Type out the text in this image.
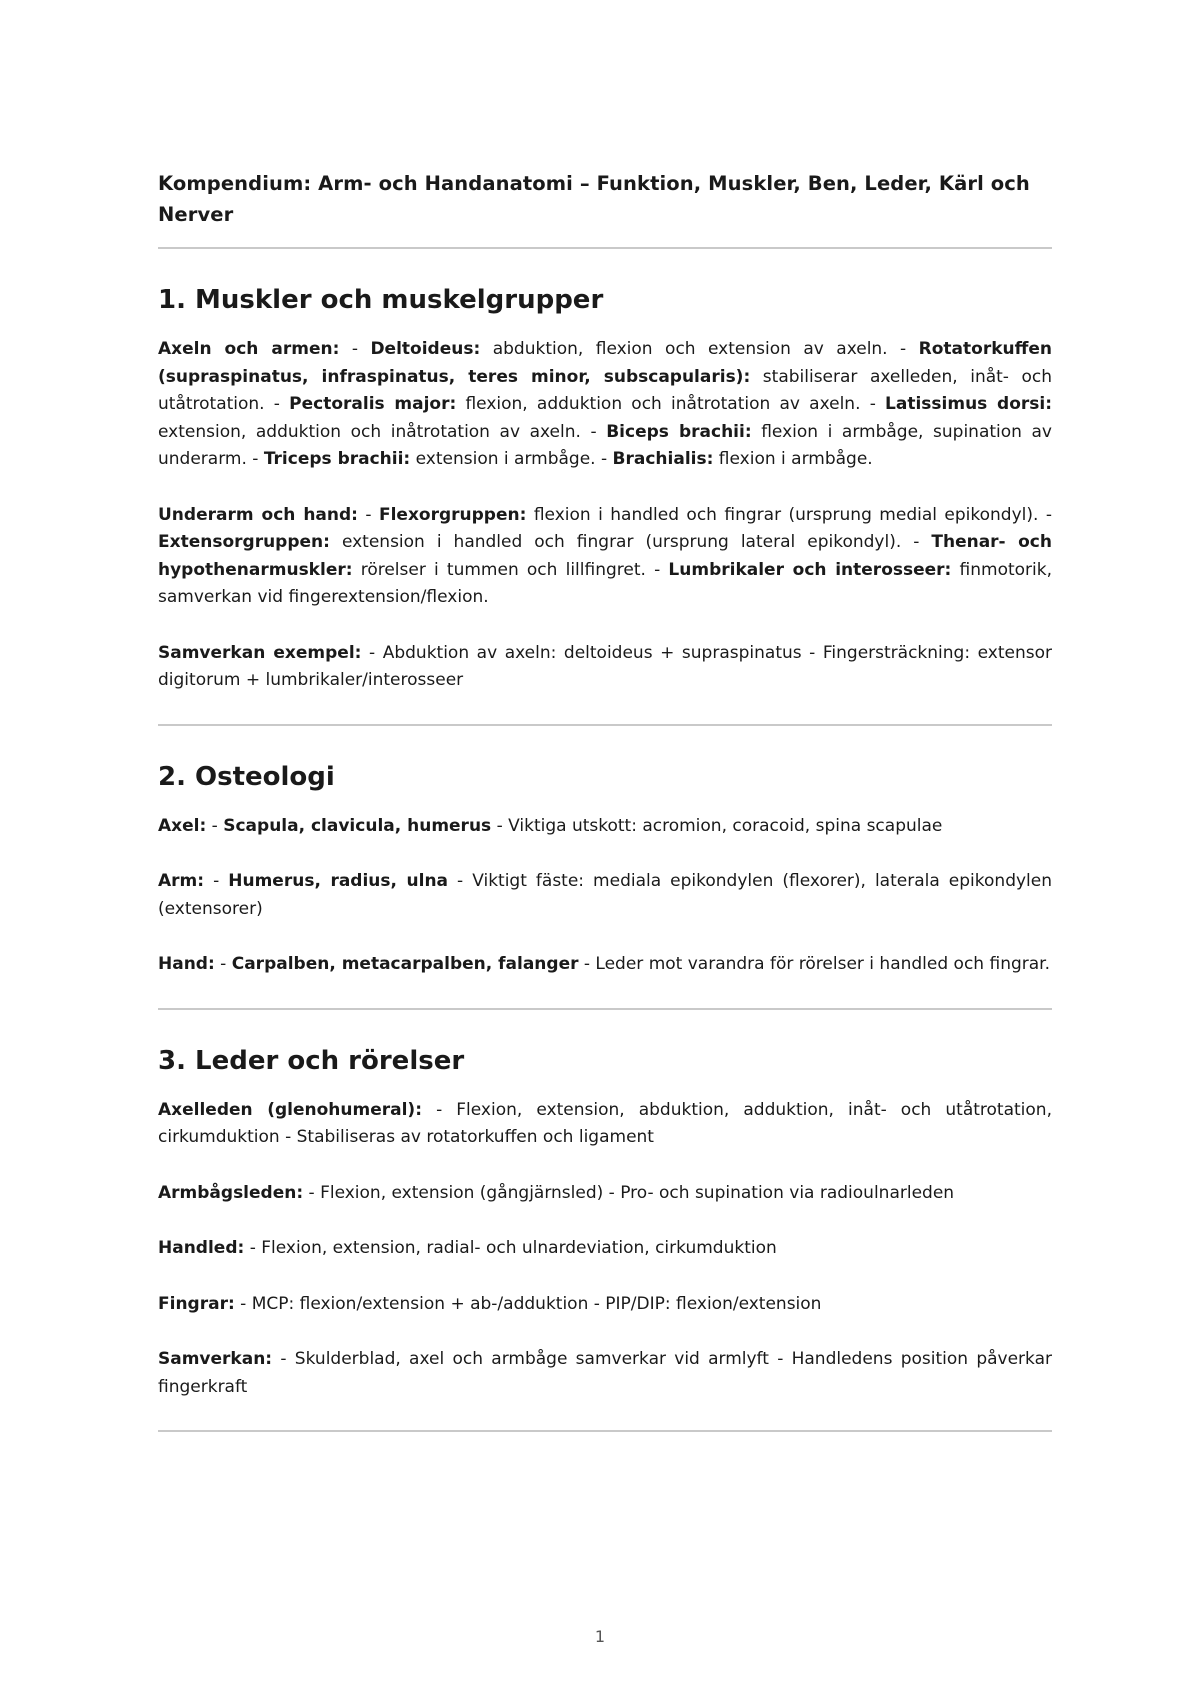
Kompendium: Arm- och Handanatomi – Funktion, Muskler, Ben, Leder, Kärl och Nerver
1. Muskler och muskelgrupper

Axeln och armen: - Deltoideus: abduktion, flexion och extension av axeln. - Rotatorkuffen (supraspinatus, infraspinatus, teres minor, subscapularis): stabiliserar axelleden, inåt- och utåtrotation. - Pectoralis major: flexion, adduktion och inåtrotation av axeln. - Latissimus dorsi: extension, adduktion och inåtrotation av axeln. - Biceps brachii: flexion i armbåge, supination av underarm. - Triceps brachii: extension i armbåge. - Brachialis: flexion i armbåge.

Underarm och hand: - Flexorgruppen: flexion i handled och fingrar (ursprung medial epikondyl). - Extensorgruppen: extension i handled och fingrar (ursprung lateral epikondyl). - Thenar- och hypothenarmuskler: rörelser i tummen och lillfingret. - Lumbrikaler och interosseer: finmotorik, samverkan vid fingerextension/flexion.

Samverkan exempel: - Abduktion av axeln: deltoideus + supraspinatus - Fingersträckning: extensor digitorum + lumbrikaler/interosseer

2. Osteologi

Axel: - Scapula, clavicula, humerus - Viktiga utskott: acromion, coracoid, spina scapulae

Arm: - Humerus, radius, ulna - Viktigt fäste: mediala epikondylen (flexorer), laterala epikondylen (extensorer)

Hand: - Carpalben, metacarpalben, falanger - Leder mot varandra för rörelser i handled och fingrar.

3. Leder och rörelser

Axelleden (glenohumeral): - Flexion, extension, abduktion, adduktion, inåt- och utåtrotation, cirkumduktion - Stabiliseras av rotatorkuffen och ligament

Armbågsleden: - Flexion, extension (gångjärnsled) - Pro- och supination via radioulnarleden

Handled: - Flexion, extension, radial- och ulnardeviation, cirkumduktion

Fingrar: - MCP: flexion/extension + ab-/adduktion - PIP/DIP: flexion/extension

Samverkan: - Skulderblad, axel och armbåge samverkar vid armlyft - Handledens position påverkar fingerkraft

1
